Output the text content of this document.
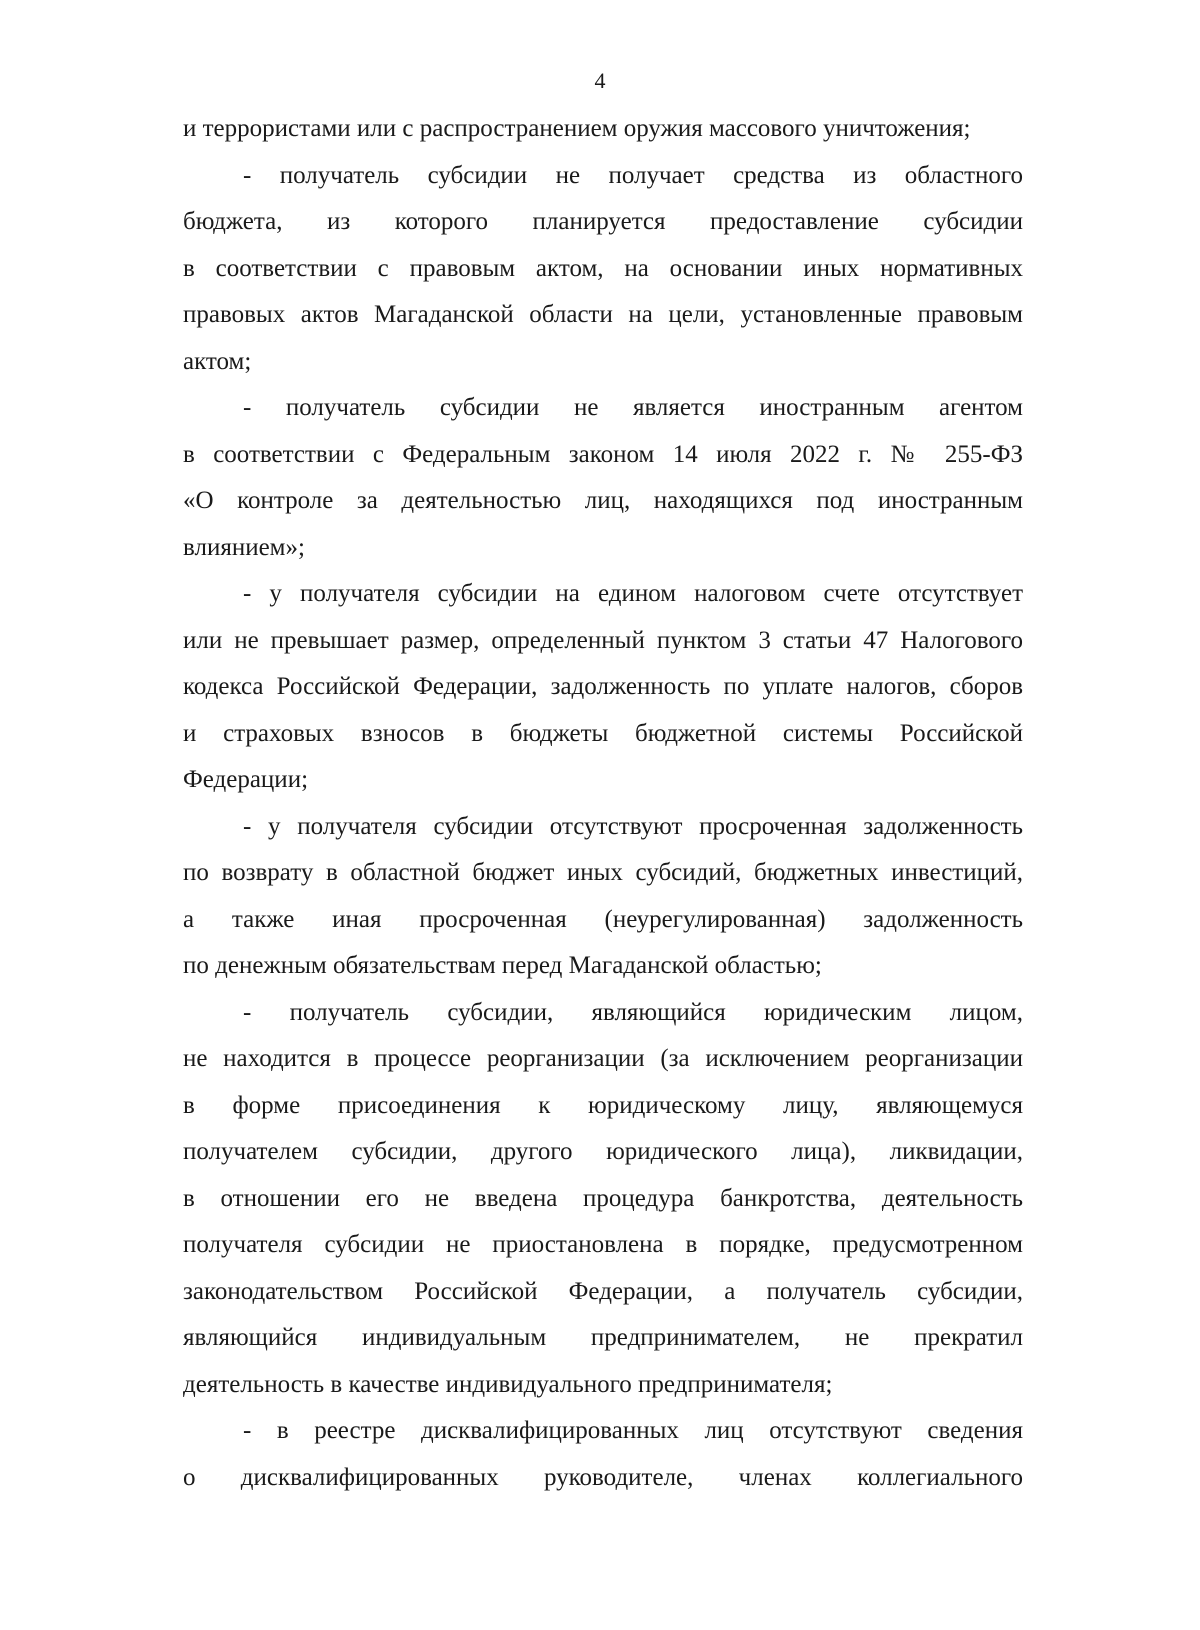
4
и террористами или с распространением оружия массового уничтожения;
- получатель субсидии не получает средства из областного
бюджета, из которого планируется предоставление субсидии
в соответствии с правовым актом, на основании иных нормативных
правовых актов Магаданской области на цели, установленные правовым
актом;
- получатель субсидии не является иностранным агентом
в соответствии с Федеральным законом 14 июля 2022 г. № 255-ФЗ
«О контроле за деятельностью лиц, находящихся под иностранным
влиянием»;
- у получателя субсидии на едином налоговом счете отсутствует
или не превышает размер, определенный пунктом 3 статьи 47 Налогового
кодекса Российской Федерации, задолженность по уплате налогов, сборов
и страховых взносов в бюджеты бюджетной системы Российской
Федерации;
- у получателя субсидии отсутствуют просроченная задолженность
по возврату в областной бюджет иных субсидий, бюджетных инвестиций,
а также иная просроченная (неурегулированная) задолженность
по денежным обязательствам перед Магаданской областью;
- получатель субсидии, являющийся юридическим лицом,
не находится в процессе реорганизации (за исключением реорганизации
в форме присоединения к юридическому лицу, являющемуся
получателем субсидии, другого юридического лица), ликвидации,
в отношении его не введена процедура банкротства, деятельность
получателя субсидии не приостановлена в порядке, предусмотренном
законодательством Российской Федерации, а получатель субсидии,
являющийся индивидуальным предпринимателем, не прекратил
деятельность в качестве индивидуального предпринимателя;
- в реестре дисквалифицированных лиц отсутствуют сведения
о дисквалифицированных руководителе, членах коллегиального
